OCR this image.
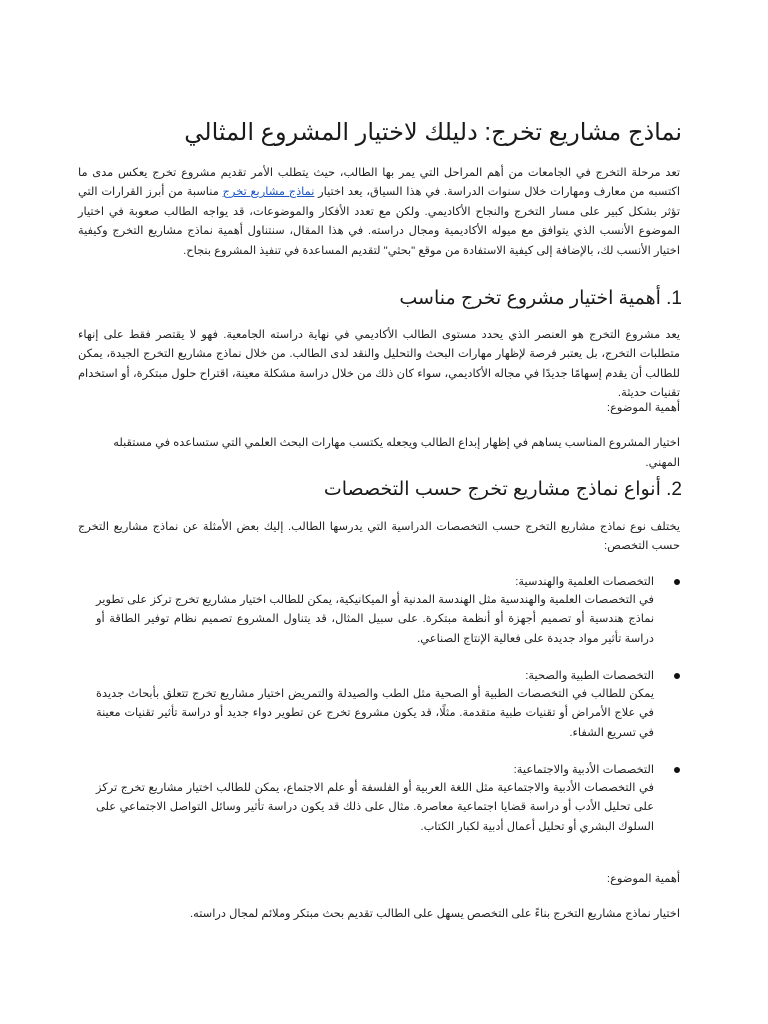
نماذج مشاريع تخرج: دليلك لاختيار المشروع المثالي

تعد مرحلة التخرج في الجامعات من أهم المراحل التي يمر بها الطالب، حيث يتطلب الأمر تقديم مشروع تخرج يعكس مدى ما اكتسبه من معارف ومهارات خلال سنوات الدراسة. في هذا السياق، يعد اختيار نماذج مشاريع تخرج مناسبة من أبرز القرارات التي تؤثر بشكل كبير على مسار التخرج والنجاح الأكاديمي. ولكن مع تعدد الأفكار والموضوعات، قد يواجه الطالب صعوبة في اختيار الموضوع الأنسب الذي يتوافق مع ميوله الأكاديمية ومجال دراسته. في هذا المقال، سنتناول أهمية نماذج مشاريع التخرج وكيفية اختيار الأنسب لك، بالإضافة إلى كيفية الاستفادة من موقع "بحثي" لتقديم المساعدة في تنفيذ المشروع بنجاح.

1. أهمية اختيار مشروع تخرج مناسب

يعد مشروع التخرج هو العنصر الذي يحدد مستوى الطالب الأكاديمي في نهاية دراسته الجامعية. فهو لا يقتصر فقط على إنهاء متطلبات التخرج، بل يعتبر فرصة لإظهار مهارات البحث والتحليل والنقد لدى الطالب. من خلال نماذج مشاريع التخرج الجيدة، يمكن للطالب أن يقدم إسهامًا جديدًا في مجاله الأكاديمي، سواء كان ذلك من خلال دراسة مشكلة معينة، اقتراح حلول مبتكرة، أو استخدام تقنيات حديثة.

أهمية الموضوع:

اختيار المشروع المناسب يساهم في إظهار إبداع الطالب ويجعله يكتسب مهارات البحث العلمي التي ستساعده في مستقبله المهني.

2. أنواع نماذج مشاريع تخرج حسب التخصصات

يختلف نوع نماذج مشاريع التخرج حسب التخصصات الدراسية التي يدرسها الطالب. إليك بعض الأمثلة عن نماذج مشاريع التخرج حسب التخصص:

التخصصات العلمية والهندسية:

في التخصصات العلمية والهندسية مثل الهندسة المدنية أو الميكانيكية، يمكن للطالب اختيار مشاريع تخرج تركز على تطوير نماذج هندسية أو تصميم أجهزة أو أنظمة مبتكرة. على سبيل المثال، قد يتناول المشروع تصميم نظام توفير الطاقة أو دراسة تأثير مواد جديدة على فعالية الإنتاج الصناعي.

التخصصات الطبية والصحية:

يمكن للطالب في التخصصات الطبية أو الصحية مثل الطب والصيدلة والتمريض اختيار مشاريع تخرج تتعلق بأبحاث جديدة في علاج الأمراض أو تقنيات طبية متقدمة. مثلًا، قد يكون مشروع تخرج عن تطوير دواء جديد أو دراسة تأثير تقنيات معينة في تسريع الشفاء.

التخصصات الأدبية والاجتماعية:

في التخصصات الأدبية والاجتماعية مثل اللغة العربية أو الفلسفة أو علم الاجتماع، يمكن للطالب اختيار مشاريع تخرج تركز على تحليل الأدب أو دراسة قضايا اجتماعية معاصرة. مثال على ذلك قد يكون دراسة تأثير وسائل التواصل الاجتماعي على السلوك البشري أو تحليل أعمال أدبية لكبار الكتاب.

أهمية الموضوع:

اختيار نماذج مشاريع التخرج بناءً على التخصص يسهل على الطالب تقديم بحث مبتكر وملائم لمجال دراسته.
